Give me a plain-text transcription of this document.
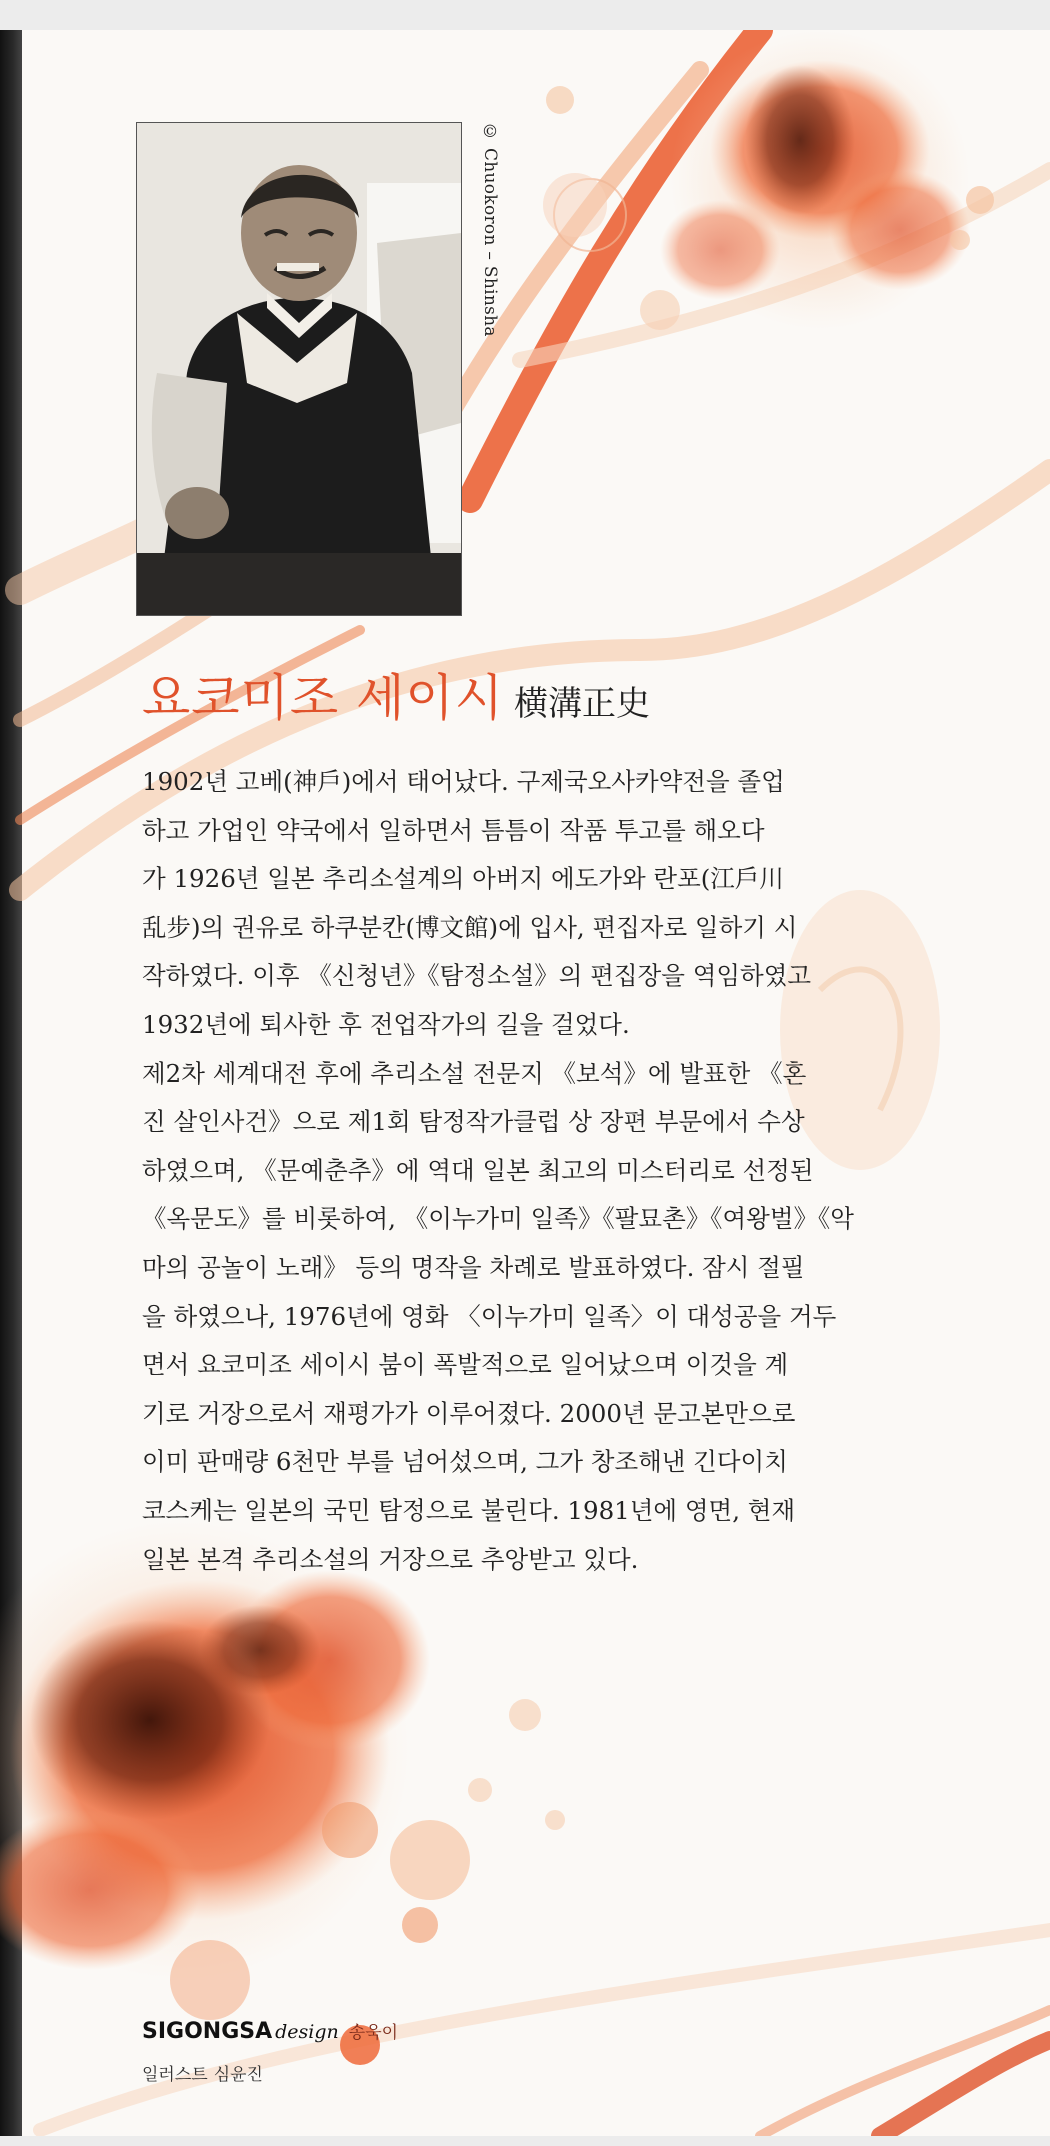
© Chuokoron – Shinsha
요코미조 세이시 横溝正史
1902년 고베(神戶)에서 태어났다. 구제국오사카약전을 졸업
하고 가업인 약국에서 일하면서 틈틈이 작품 투고를 해오다
가 1926년 일본 추리소설계의 아버지 에도가와 란포(江戶川
乱步)의 권유로 하쿠분칸(博文館)에 입사, 편집자로 일하기 시
작하였다. 이후 《신청년》《탐정소설》의 편집장을 역임하였고
1932년에 퇴사한 후 전업작가의 길을 걸었다.
제2차 세계대전 후에 추리소설 전문지 《보석》에 발표한 《혼
진 살인사건》으로 제1회 탐정작가클럽 상 장편 부문에서 수상
하였으며, 《문예춘추》에 역대 일본 최고의 미스터리로 선정된
《옥문도》를 비롯하여, 《이누가미 일족》《팔묘촌》《여왕벌》《악
마의 공놀이 노래》 등의 명작을 차례로 발표하였다. 잠시 절필
을 하였으나, 1976년에 영화 〈이누가미 일족〉이 대성공을 거두
면서 요코미조 세이시 붐이 폭발적으로 일어났으며 이것을 계
기로 거장으로서 재평가가 이루어졌다. 2000년 문고본만으로
이미 판매량 6천만 부를 넘어섰으며, 그가 창조해낸 긴다이치
코스케는 일본의 국민 탐정으로 불린다. 1981년에 영면, 현재
일본 본격 추리소설의 거장으로 추앙받고 있다.
SIGONGSA design 송욱이
일러스트 심윤진
